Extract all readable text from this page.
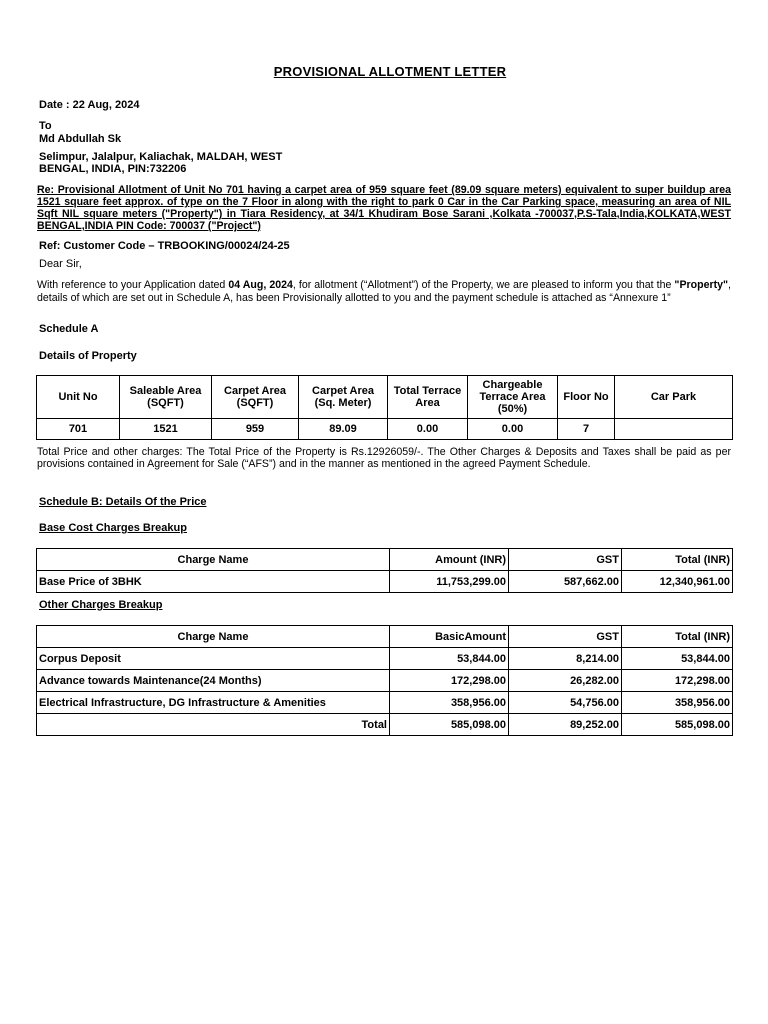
PROVISIONAL ALLOTMENT LETTER
Date : 22 Aug, 2024
To
Md Abdullah Sk
Selimpur, Jalalpur, Kaliachak, MALDAH, WEST
BENGAL, INDIA, PIN:732206
Re: Provisional Allotment of Unit No 701 having a carpet area of 959 square feet (89.09 square meters) equivalent to super buildup area 1521 square feet approx. of type on the 7 Floor in along with the right to park 0 Car in the Car Parking space, measuring an area of NIL Sqft NIL square meters ("Property") in Tiara Residency, at 34/1 Khudiram Bose Sarani ,Kolkata -700037,P.S-Tala,India,KOLKATA,WEST BENGAL,INDIA PIN Code: 700037 ("Project")
Ref: Customer Code – TRBOOKING/00024/24-25
Dear Sir,
With reference to your Application dated 04 Aug, 2024, for allotment (“Allotment”) of the Property, we are pleased to inform you that the "Property", details of which are set out in Schedule A, has been Provisionally allotted to you and the payment schedule is attached as “Annexure 1”
Schedule A
Details of Property
Unit No	Saleable Area (SQFT)	Carpet Area (SQFT)	Carpet Area (Sq. Meter)	Total Terrace Area	Chargeable Terrace Area (50%)	Floor No	Car Park
701	1521	959	89.09	0.00	0.00	7	
Total Price and other charges: The Total Price of the Property is Rs.12926059/-. The Other Charges & Deposits and Taxes shall be paid as per provisions contained in Agreement for Sale (“AFS”) and in the manner as mentioned in the agreed Payment Schedule.
Schedule B: Details Of the Price
Base Cost Charges Breakup
Charge Name	Amount (INR)	GST	Total (INR)
Base Price of 3BHK	11,753,299.00	587,662.00	12,340,961.00
Other Charges Breakup
Charge Name	BasicAmount	GST	Total (INR)
Corpus Deposit	53,844.00	8,214.00	53,844.00
Advance towards Maintenance(24 Months)	172,298.00	26,282.00	172,298.00
Electrical Infrastructure, DG Infrastructure & Amenities	358,956.00	54,756.00	358,956.00
Total	585,098.00	89,252.00	585,098.00
